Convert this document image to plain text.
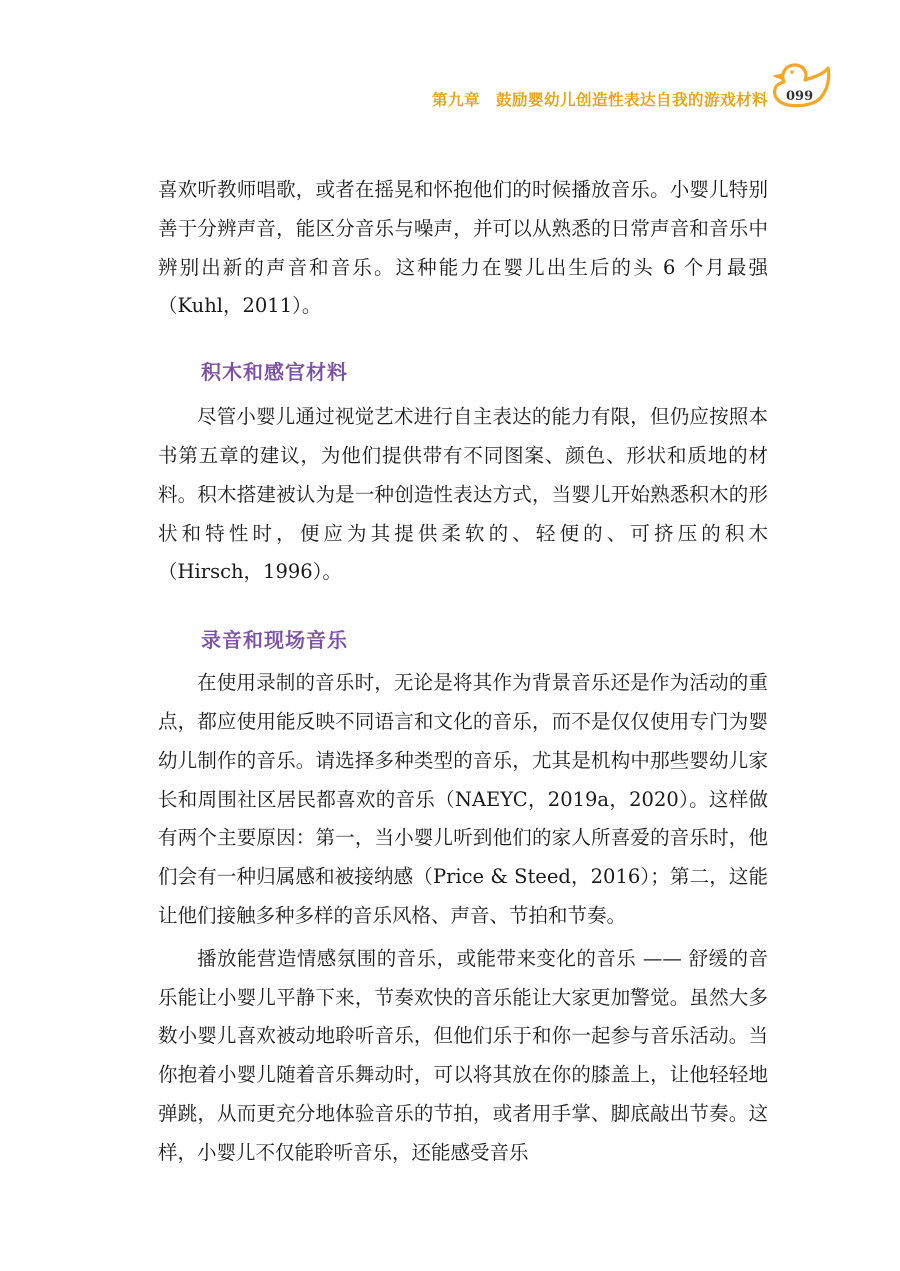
第九章　鼓励婴幼儿创造性表达自我的游戏材料 099

喜欢听教师唱歌，或者在摇晃和怀抱他们的时候播放音乐。小婴儿特别善于分辨声音，能区分音乐与噪声，并可以从熟悉的日常声音和音乐中辨别出新的声音和音乐。这种能力在婴儿出生后的头 6 个月最强（Kuhl，2011）。

积木和感官材料

尽管小婴儿通过视觉艺术进行自主表达的能力有限，但仍应按照本书第五章的建议，为他们提供带有不同图案、颜色、形状和质地的材料。积木搭建被认为是一种创造性表达方式，当婴儿开始熟悉积木的形状和特性时，便应为其提供柔软的、轻便的、可挤压的积木（Hirsch，1996）。

录音和现场音乐

在使用录制的音乐时，无论是将其作为背景音乐还是作为活动的重点，都应使用能反映不同语言和文化的音乐，而不是仅仅使用专门为婴幼儿制作的音乐。请选择多种类型的音乐，尤其是机构中那些婴幼儿家长和周围社区居民都喜欢的音乐（NAEYC，2019a，2020）。这样做有两个主要原因：第一，当小婴儿听到他们的家人所喜爱的音乐时，他们会有一种归属感和被接纳感（Price & Steed，2016）；第二，这能让他们接触多种多样的音乐风格、声音、节拍和节奏。

播放能营造情感氛围的音乐，或能带来变化的音乐 —— 舒缓的音乐能让小婴儿平静下来，节奏欢快的音乐能让大家更加警觉。虽然大多数小婴儿喜欢被动地聆听音乐，但他们乐于和你一起参与音乐活动。当你抱着小婴儿随着音乐舞动时，可以将其放在你的膝盖上，让他轻轻地弹跳，从而更充分地体验音乐的节拍，或者用手掌、脚底敲出节奏。这样，小婴儿不仅能聆听音乐，还能感受音乐
